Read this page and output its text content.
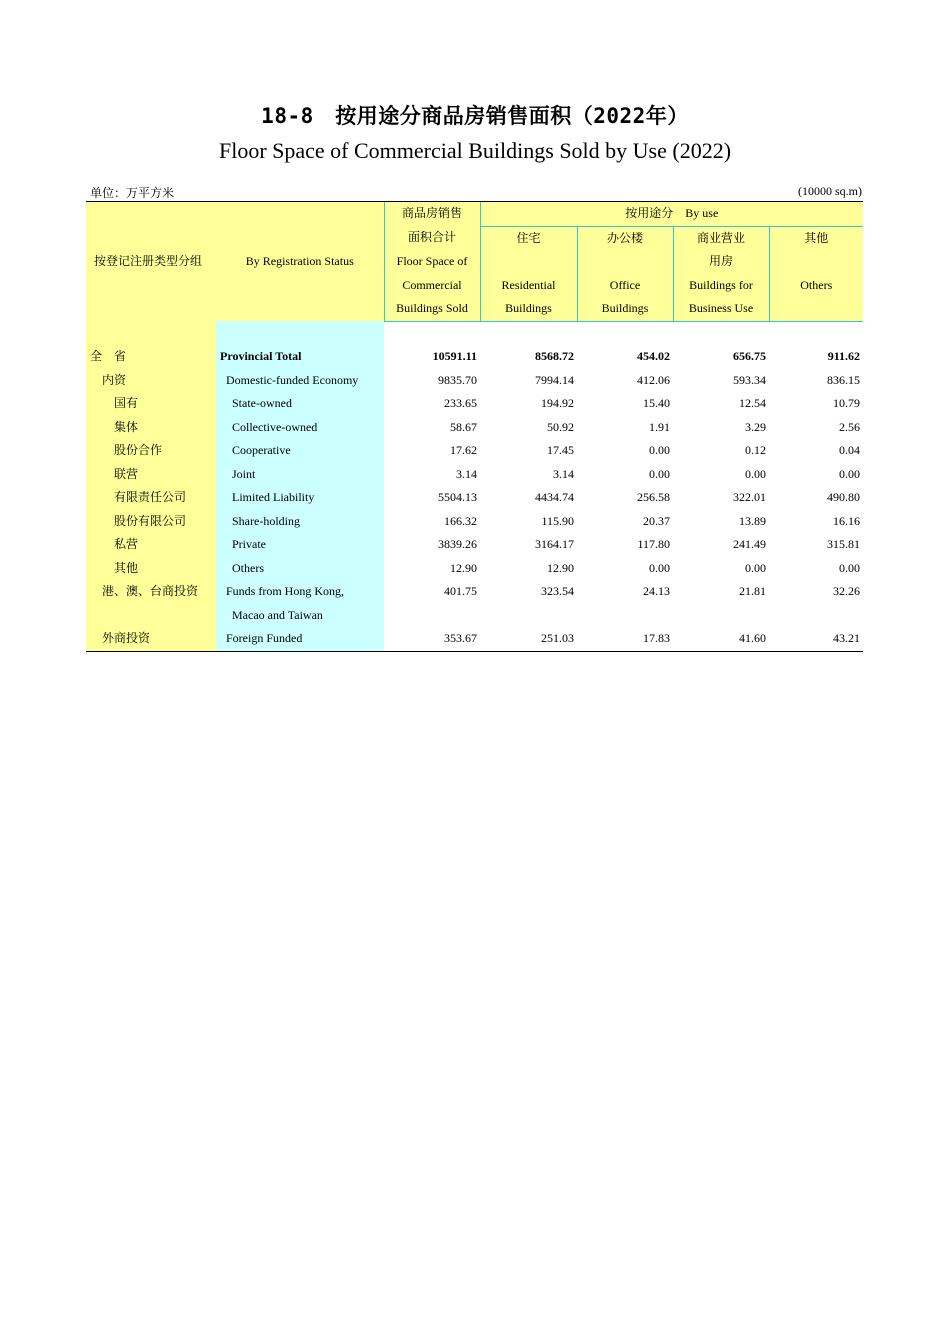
18-8　按用途分商品房销售面积（2022年）
Floor Space of Commercial Buildings Sold by Use (2022)
单位：万平方米	(10000 sq.m)
按登记注册类型分组	By Registration Status	商品房销售	按用途分　 By use			
		面积合计	住宅	办公楼	商业营业	其他
		Floor Space of			用房	
		Commercial	Residential	Office	Buildings for	Others
		Buildings Sold	Buildings	Buildings	Business Use	

全　省	Provincial Total	10591.11	8568.72	454.02	656.75	911.62
内资	Domestic-funded Economy	9835.70	7994.14	412.06	593.34	836.15
国有	State-owned	233.65	194.92	15.40	12.54	10.79
集体	Collective-owned	58.67	50.92	1.91	3.29	2.56
股份合作	Cooperative	17.62	17.45	0.00	0.12	0.04
联营	Joint	3.14	3.14	0.00	0.00	0.00
有限责任公司	Limited Liability	5504.13	4434.74	256.58	322.01	490.80
股份有限公司	Share-holding	166.32	115.90	20.37	13.89	16.16
私营	Private	3839.26	3164.17	117.80	241.49	315.81
其他	Others	12.90	12.90	0.00	0.00	0.00
港、澳、台商投资	Funds from Hong Kong,	401.75	323.54	24.13	21.81	32.26
	Macao and Taiwan					
外商投资	Foreign Funded	353.67	251.03	17.83	41.60	43.21
